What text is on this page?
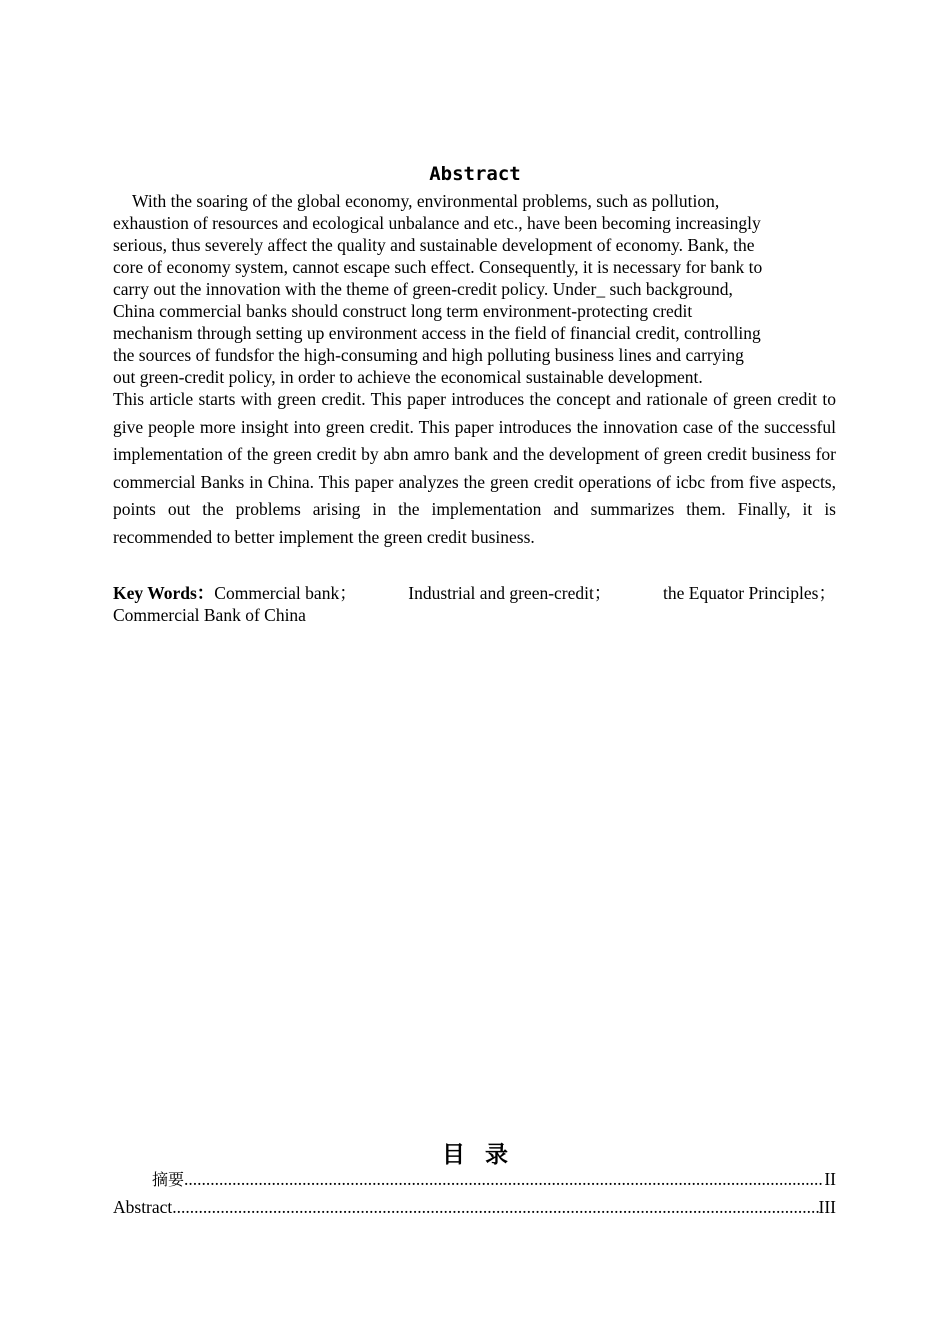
Abstract
With the soaring of the global economy, environmental problems, such as pollution,
exhaustion of resources and ecological unbalance and etc., have been becoming increasingly
serious, thus severely affect the quality and sustainable development of economy. Bank, the
core of economy system, cannot escape such effect. Consequently, it is necessary for bank to
carry out the innovation with the theme of green-credit policy. Under_ such background,
China commercial banks should construct long term environment-protecting credit
mechanism through setting up environment access in the field of financial credit, controlling
the sources of fundsfor the high-consuming and high polluting business lines and carrying
out green-credit policy, in order to achieve the economical sustainable development.

This article starts with green credit. This paper introduces the concept and rationale of green credit to give people more insight into green credit. This paper introduces the innovation case of the successful implementation of the green credit by abn amro bank and the development of green credit business for commercial Banks in China. This paper analyzes the green credit operations of icbc from five aspects, points out the problems arising in the implementation and summarizes them. Finally, it is recommended to better implement the green credit business.

Key Words：Commercial bank；	Industrial and green-credit；	the Equator Principles；
Commercial Bank of China
目录
摘要 .....	II
Abstract .....	III
